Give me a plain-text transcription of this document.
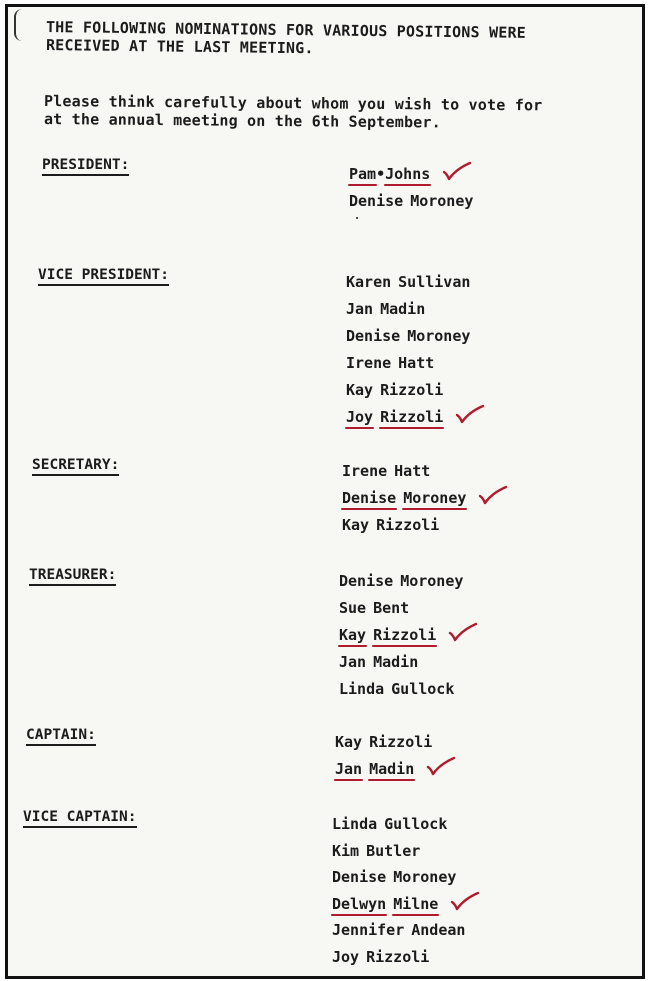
THE FOLLOWING NOMINATIONS FOR VARIOUS POSITIONS WERE
RECEIVED AT THE LAST MEETING.
Please think carefully about whom you wish to vote for
at the annual meeting on the 6th September.
PRESIDENT:	Pam•Johns
Denise Moroney
VICE PRESIDENT:	Karen Sullivan
Jan Madin
Denise Moroney
Irene Hatt
Kay Rizzoli
Joy Rizzoli
SECRETARY:	Irene Hatt
Denise Moroney
Kay Rizzoli
TREASURER:	Denise Moroney
Sue Bent
Kay Rizzoli
Jan Madin
Linda Gullock
CAPTAIN:	Kay Rizzoli
Jan Madin
VICE CAPTAIN:	Linda Gullock
Kim Butler
Denise Moroney
Delwyn Milne
Jennifer Andean
Joy Rizzoli
